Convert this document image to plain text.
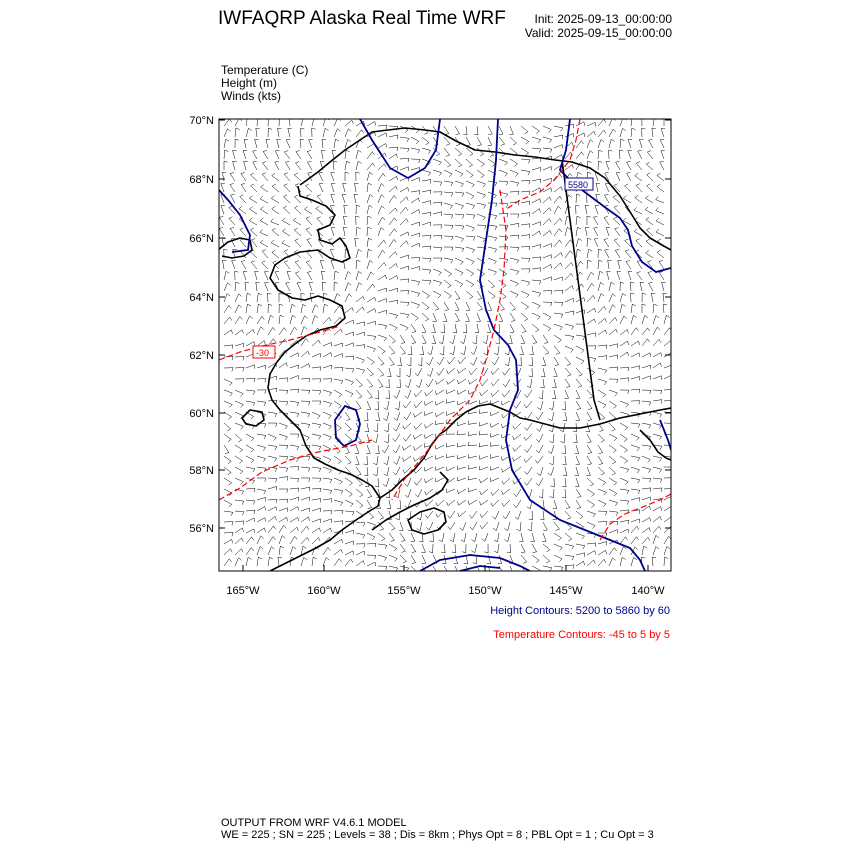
IWFAQRP Alaska Real Time WRF Init: 2025-09-13_00:00:00
Valid: 2025-09-15_00:00:00
Temperature (C)
Height (m)
Winds (kts)
5580
-30
70°N
68°N
66°N
64°N
62°N
60°N
58°N
56°N
165°W	160°W	155°W	150°W	145°W	140°W
Height Contours: 5200 to 5860 by 60
Temperature Contours: -45 to 5 by 5
OUTPUT FROM WRF V4.6.1 MODEL
WE = 225 ; SN = 225 ; Levels = 38 ; Dis = 8km ; Phys Opt = 8 ; PBL Opt = 1 ; Cu Opt = 3
